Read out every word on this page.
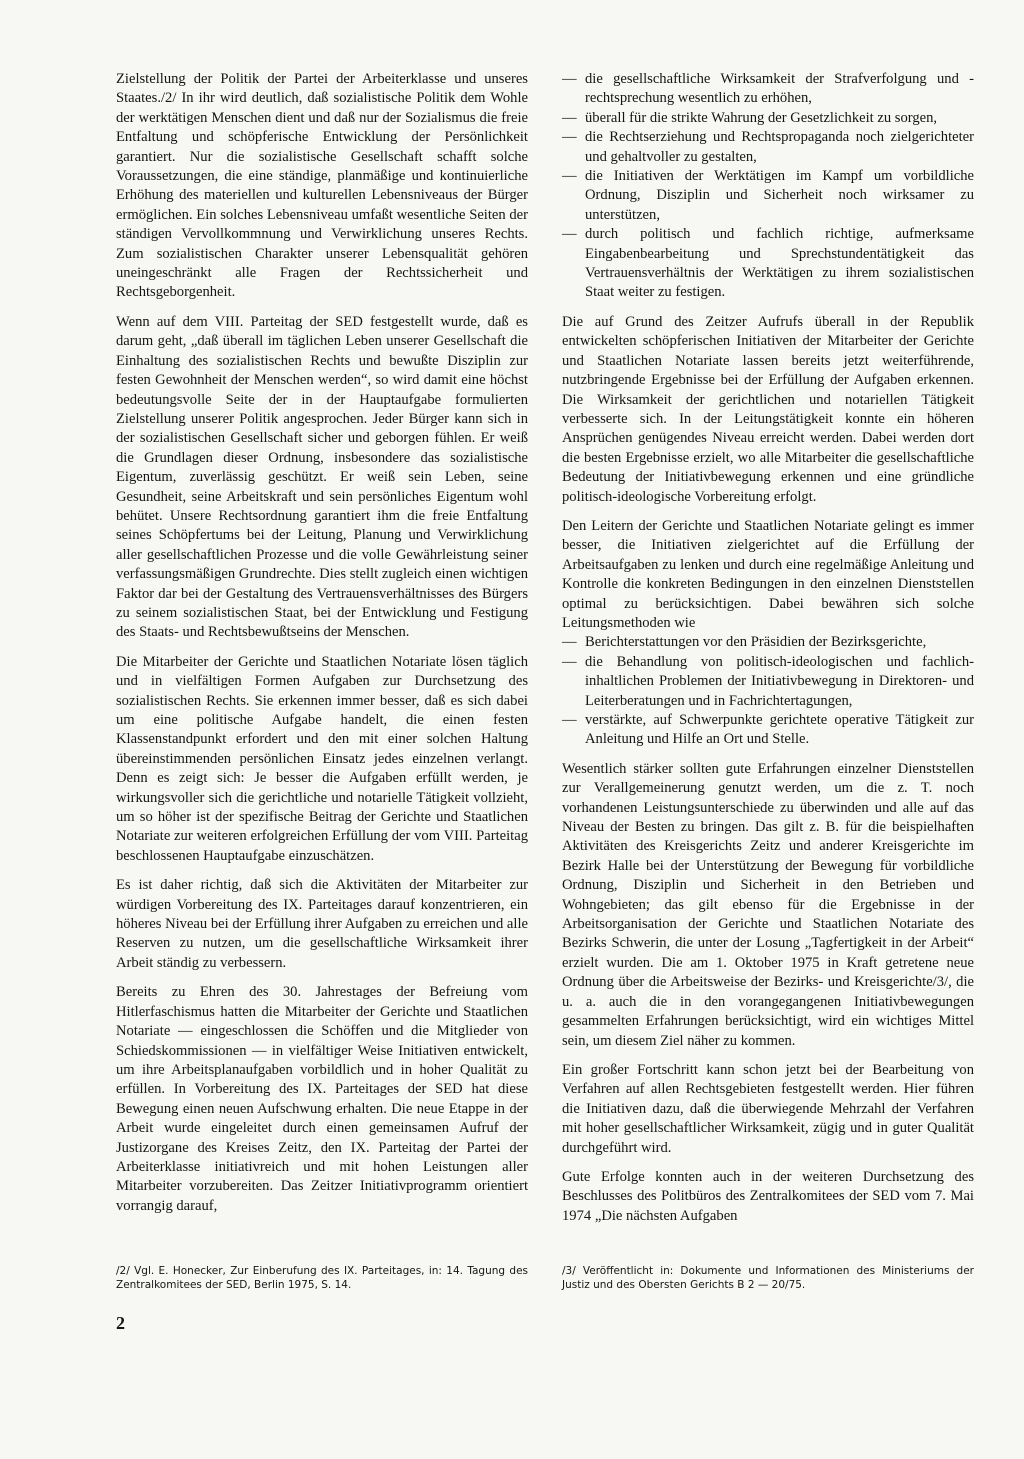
Zielstellung der Politik der Partei der Arbeiterklasse und unseres Staates./2/ In ihr wird deutlich, daß sozialistische Politik dem Wohle der werktätigen Menschen dient und daß nur der Sozialismus die freie Entfaltung und schöpferische Entwicklung der Persönlichkeit garantiert. Nur die sozialistische Gesellschaft schafft solche Voraussetzungen, die eine ständige, planmäßige und kontinuierliche Erhöhung des materiellen und kulturellen Lebensniveaus der Bürger ermöglichen. Ein solches Lebensniveau umfaßt wesentliche Seiten der ständigen Vervollkommnung und Verwirklichung unseres Rechts. Zum sozialistischen Charakter unserer Lebensqualität gehören uneingeschränkt alle Fragen der Rechtssicherheit und Rechtsgeborgenheit.

Wenn auf dem VIII. Parteitag der SED festgestellt wurde, daß es darum geht, „daß überall im täglichen Leben unserer Gesellschaft die Einhaltung des sozialistischen Rechts und bewußte Disziplin zur festen Gewohnheit der Menschen werden“, so wird damit eine höchst bedeutungsvolle Seite der in der Hauptaufgabe formulierten Zielstellung unserer Politik angesprochen. Jeder Bürger kann sich in der sozialistischen Gesellschaft sicher und geborgen fühlen. Er weiß die Grundlagen dieser Ordnung, insbesondere das sozialistische Eigentum, zuverlässig geschützt. Er weiß sein Leben, seine Gesundheit, seine Arbeitskraft und sein persönliches Eigentum wohl behütet. Unsere Rechtsordnung garantiert ihm die freie Entfaltung seines Schöpfertums bei der Leitung, Planung und Verwirklichung aller gesellschaftlichen Prozesse und die volle Gewährleistung seiner verfassungsmäßigen Grundrechte. Dies stellt zugleich einen wichtigen Faktor dar bei der Gestaltung des Vertrauensverhältnisses des Bürgers zu seinem sozialistischen Staat, bei der Entwicklung und Festigung des Staats- und Rechtsbewußtseins der Menschen.

Die Mitarbeiter der Gerichte und Staatlichen Notariate lösen täglich und in vielfältigen Formen Aufgaben zur Durchsetzung des sozialistischen Rechts. Sie erkennen immer besser, daß es sich dabei um eine politische Aufgabe handelt, die einen festen Klassenstandpunkt erfordert und den mit einer solchen Haltung übereinstimmenden persönlichen Einsatz jedes einzelnen verlangt. Denn es zeigt sich: Je besser die Aufgaben erfüllt werden, je wirkungsvoller sich die gerichtliche und notarielle Tätigkeit vollzieht, um so höher ist der spezifische Beitrag der Gerichte und Staatlichen Notariate zur weiteren erfolgreichen Erfüllung der vom VIII. Parteitag beschlossenen Hauptaufgabe einzuschätzen.

Es ist daher richtig, daß sich die Aktivitäten der Mitarbeiter zur würdigen Vorbereitung des IX. Parteitages darauf konzentrieren, ein höheres Niveau bei der Erfüllung ihrer Aufgaben zu erreichen und alle Reserven zu nutzen, um die gesellschaftliche Wirksamkeit ihrer Arbeit ständig zu verbessern.

Bereits zu Ehren des 30. Jahrestages der Befreiung vom Hitlerfaschismus hatten die Mitarbeiter der Gerichte und Staatlichen Notariate — eingeschlossen die Schöffen und die Mitglieder von Schiedskommissionen — in vielfältiger Weise Initiativen entwickelt, um ihre Arbeitsplanaufgaben vorbildlich und in hoher Qualität zu erfüllen. In Vorbereitung des IX. Parteitages der SED hat diese Bewegung einen neuen Aufschwung erhalten. Die neue Etappe in der Arbeit wurde eingeleitet durch einen gemeinsamen Aufruf der Justizorgane des Kreises Zeitz, den IX. Parteitag der Partei der Arbeiterklasse initiativreich und mit hohen Leistungen aller Mitarbeiter vorzubereiten. Das Zeitzer Initiativprogramm orientiert vorrangig darauf,

— die gesellschaftliche Wirksamkeit der Strafverfolgung und -rechtsprechung wesentlich zu erhöhen,
— überall für die strikte Wahrung der Gesetzlichkeit zu sorgen,
— die Rechtserziehung und Rechtspropaganda noch zielgerichteter und gehaltvoller zu gestalten,
— die Initiativen der Werktätigen im Kampf um vorbildliche Ordnung, Disziplin und Sicherheit noch wirksamer zu unterstützen,
— durch politisch und fachlich richtige, aufmerksame Eingabenbearbeitung und Sprechstundentätigkeit das Vertrauensverhältnis der Werktätigen zu ihrem sozialistischen Staat weiter zu festigen.

Die auf Grund des Zeitzer Aufrufs überall in der Republik entwickelten schöpferischen Initiativen der Mitarbeiter der Gerichte und Staatlichen Notariate lassen bereits jetzt weiterführende, nutzbringende Ergebnisse bei der Erfüllung der Aufgaben erkennen. Die Wirksamkeit der gerichtlichen und notariellen Tätigkeit verbesserte sich. In der Leitungstätigkeit konnte ein höheren Ansprüchen genügendes Niveau erreicht werden. Dabei werden dort die besten Ergebnisse erzielt, wo alle Mitarbeiter die gesellschaftliche Bedeutung der Initiativbewegung erkennen und eine gründliche politisch-ideologische Vorbereitung erfolgt.

Den Leitern der Gerichte und Staatlichen Notariate gelingt es immer besser, die Initiativen zielgerichtet auf die Erfüllung der Arbeitsaufgaben zu lenken und durch eine regelmäßige Anleitung und Kontrolle die konkreten Bedingungen in den einzelnen Dienststellen optimal zu berücksichtigen. Dabei bewähren sich solche Leitungsmethoden wie

— Berichterstattungen vor den Präsidien der Bezirksgerichte,
— die Behandlung von politisch-ideologischen und fachlich-inhaltlichen Problemen der Initiativbewegung in Direktoren- und Leiterberatungen und in Fachrichtertagungen,
— verstärkte, auf Schwerpunkte gerichtete operative Tätigkeit zur Anleitung und Hilfe an Ort und Stelle.

Wesentlich stärker sollten gute Erfahrungen einzelner Dienststellen zur Verallgemeinerung genutzt werden, um die z. T. noch vorhandenen Leistungsunterschiede zu überwinden und alle auf das Niveau der Besten zu bringen. Das gilt z. B. für die beispielhaften Aktivitäten des Kreisgerichts Zeitz und anderer Kreisgerichte im Bezirk Halle bei der Unterstützung der Bewegung für vorbildliche Ordnung, Disziplin und Sicherheit in den Betrieben und Wohngebieten; das gilt ebenso für die Ergebnisse in der Arbeitsorganisation der Gerichte und Staatlichen Notariate des Bezirks Schwerin, die unter der Losung „Tagfertigkeit in der Arbeit“ erzielt wurden. Die am 1. Oktober 1975 in Kraft getretene neue Ordnung über die Arbeitsweise der Bezirks- und Kreisgerichte/3/, die u. a. auch die in den vorangegangenen Initiativbewegungen gesammelten Erfahrungen berücksichtigt, wird ein wichtiges Mittel sein, um diesem Ziel näher zu kommen.

Ein großer Fortschritt kann schon jetzt bei der Bearbeitung von Verfahren auf allen Rechtsgebieten festgestellt werden. Hier führen die Initiativen dazu, daß die überwiegende Mehrzahl der Verfahren mit hoher gesellschaftlicher Wirksamkeit, zügig und in guter Qualität durchgeführt wird.

Gute Erfolge konnten auch in der weiteren Durchsetzung des Beschlusses des Politbüros des Zentralkomitees der SED vom 7. Mai 1974 „Die nächsten Aufgaben

/2/ Vgl. E. Honecker, Zur Einberufung des IX. Parteitages, in: 14. Tagung des Zentralkomitees der SED, Berlin 1975, S. 14.
/3/ Veröffentlicht in: Dokumente und Informationen des Ministeriums der Justiz und des Obersten Gerichts B 2 — 20/75.
2
